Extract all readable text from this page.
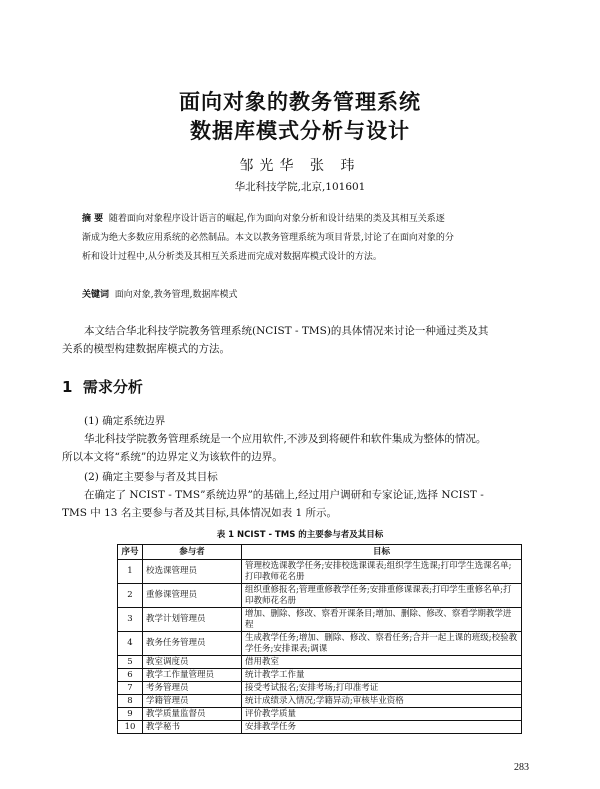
面向对象的教务管理系统
数据库模式分析与设计
邹光华 张 玮
华北科技学院,北京,101601
摘 要 随着面向对象程序设计语言的崛起,作为面向对象分析和设计结果的类及其相互关系逐
渐成为绝大多数应用系统的必然制品。本文以教务管理系统为项目背景,讨论了在面向对象的分
析和设计过程中,从分析类及其相互关系进而完成对数据库模式设计的方法。
关键词 面向对象,教务管理,数据库模式
本文结合华北科技学院教务管理系统(NCIST - TMS)的具体情况来讨论一种通过类及其
关系的模型构建数据库模式的方法。
1 需求分析
(1) 确定系统边界
华北科技学院教务管理系统是一个应用软件,不涉及到将硬件和软件集成为整体的情况。
所以本文将“系统”的边界定义为该软件的边界。
(2) 确定主要参与者及其目标
在确定了 NCIST - TMS”系统边界”的基础上,经过用户调研和专家论证,选择 NCIST -
TMS 中 13 名主要参与者及其目标,具体情况如表 1 所示。
表 1 NCIST - TMS 的主要参与者及其目标
序号	参与者	目标
1	校选课管理员	管理校选课教学任务;安排校选课课表;组织学生选课;打印学生选课名单;打印教师花名册
2	重修课管理员	组织重修报名;管理重修教学任务;安排重修课课表;打印学生重修名单;打印教师花名册
3	教学计划管理员	增加、删除、修改、察看开课条目;增加、删除、修改、察看学期教学进程
4	教务任务管理员	生成教学任务;增加、删除、修改、察看任务;合并一起上课的班级;校验教学任务;安排课表;调课
5	教室调度员	借用教室
6	教学工作量管理员	统计教学工作量
7	考务管理员	接受考试报名;安排考场;打印准考证
8	学籍管理员	统计成绩录入情况;学籍异动;审核毕业资格
9	教学质量监督员	评价教学质量
10	教学秘书	安排教学任务
283
